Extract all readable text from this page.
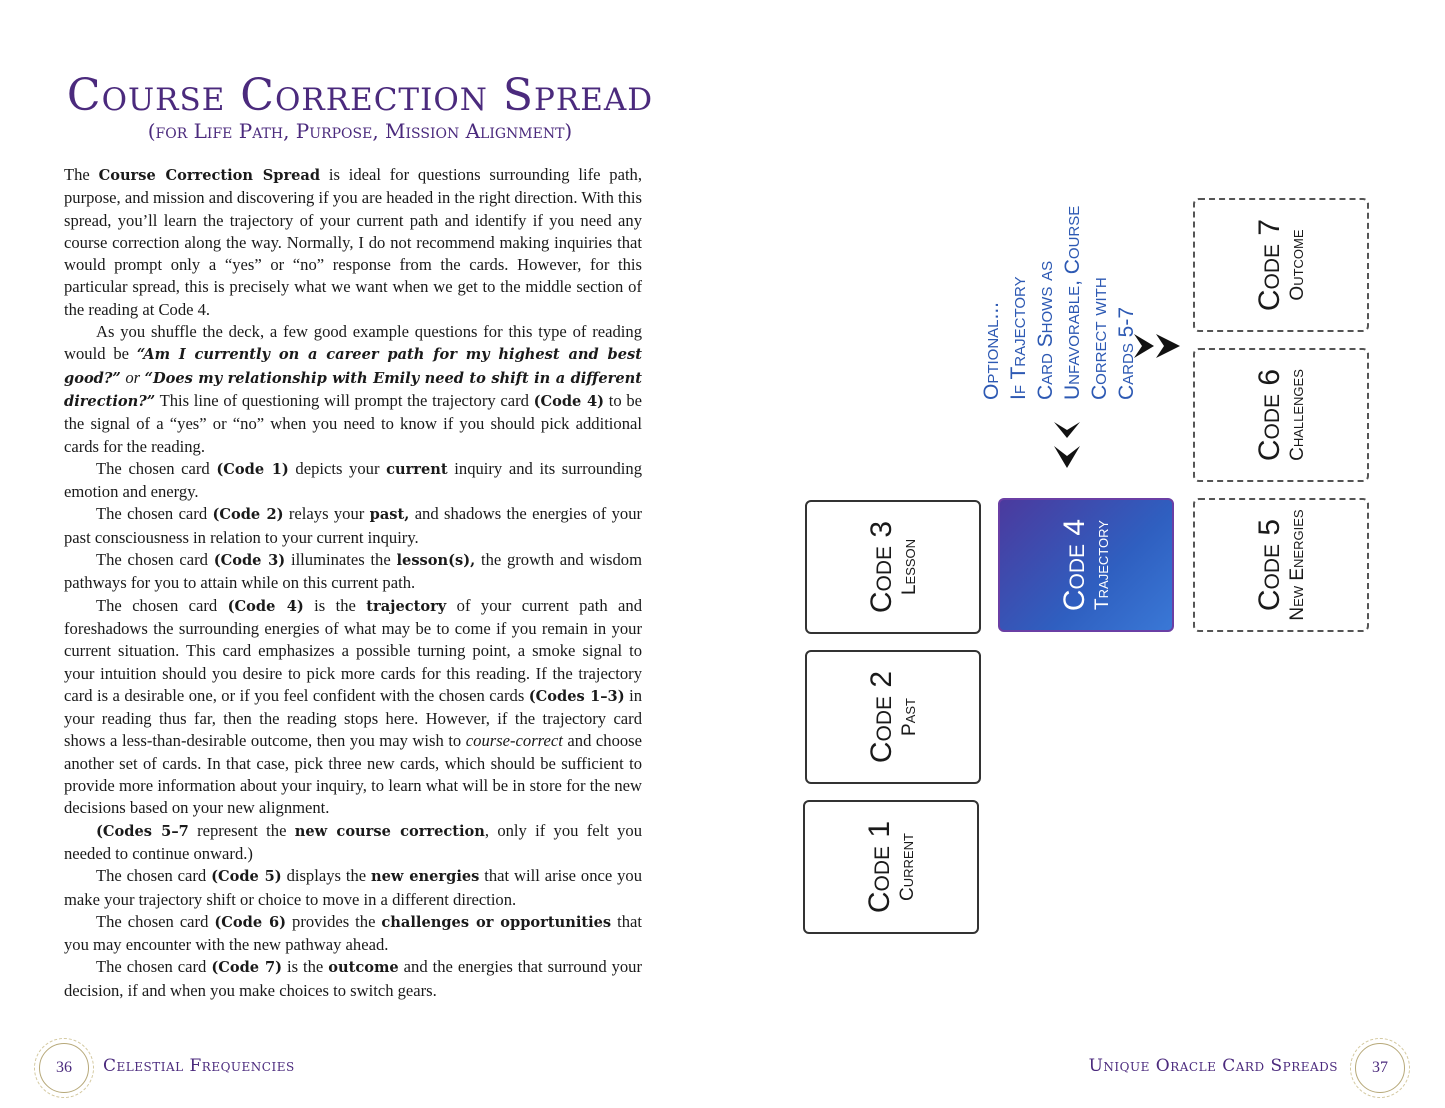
Course Correction Spread
(for Life Path, Purpose, Mission Alignment)

The Course Correction Spread is ideal for questions surrounding life path, purpose, and mission and discovering if you are headed in the right direction. With this spread, you’ll learn the trajectory of your current path and identify if you need any course correction along the way. Normally, I do not recommend making inquiries that would prompt only a “yes” or “no” response from the cards. However, for this particular spread, this is precisely what we want when we get to the middle section of the reading at Code 4.

As you shuffle the deck, a few good example questions for this type of reading would be “Am I currently on a career path for my highest and best good?” or “Does my relationship with Emily need to shift in a different direction?” This line of questioning will prompt the trajectory card (Code 4) to be the signal of a “yes” or “no” when you need to know if you should pick additional cards for the reading.

The chosen card (Code 1) depicts your current inquiry and its surrounding emotion and energy.

The chosen card (Code 2) relays your past, and shadows the energies of your past consciousness in relation to your current inquiry.

The chosen card (Code 3) illuminates the lesson(s), the growth and wisdom pathways for you to attain while on this current path.

The chosen card (Code 4) is the trajectory of your current path and foreshadows the surrounding energies of what may be to come if you remain in your current situation. This card emphasizes a possible turning point, a smoke signal to your intuition should you desire to pick more cards for this reading. If the trajectory card is a desirable one, or if you feel confident with the chosen cards (Codes 1–3) in your reading thus far, then the reading stops here. However, if the trajectory card shows a less-than-desirable outcome, then you may wish to course-correct and choose another set of cards. In that case, pick three new cards, which should be sufficient to provide more information about your inquiry, to learn what will be in store for the new decisions based on your new alignment.

(Codes 5–7 represent the new course correction, only if you felt you needed to continue onward.)

The chosen card (Code 5) displays the new energies that will arise once you make your trajectory shift or choice to move in a different direction.

The chosen card (Code 6) provides the challenges or opportunities that you may encounter with the new pathway ahead.

The chosen card (Code 7) is the outcome and the energies that surround your decision, if and when you make choices to switch gears.

Code 3 Lesson
Code 2 Past
Code 1 Current
Code 4 Trajectory	Code 5 New Energies
Code 6 Challenges
Code 7 Outcome
Optional... If Trajectory Card Shows as Unfavorable, Course Correct with Cards 5-7
36	Celestial Frequencies	Unique Oracle Card Spreads	37
